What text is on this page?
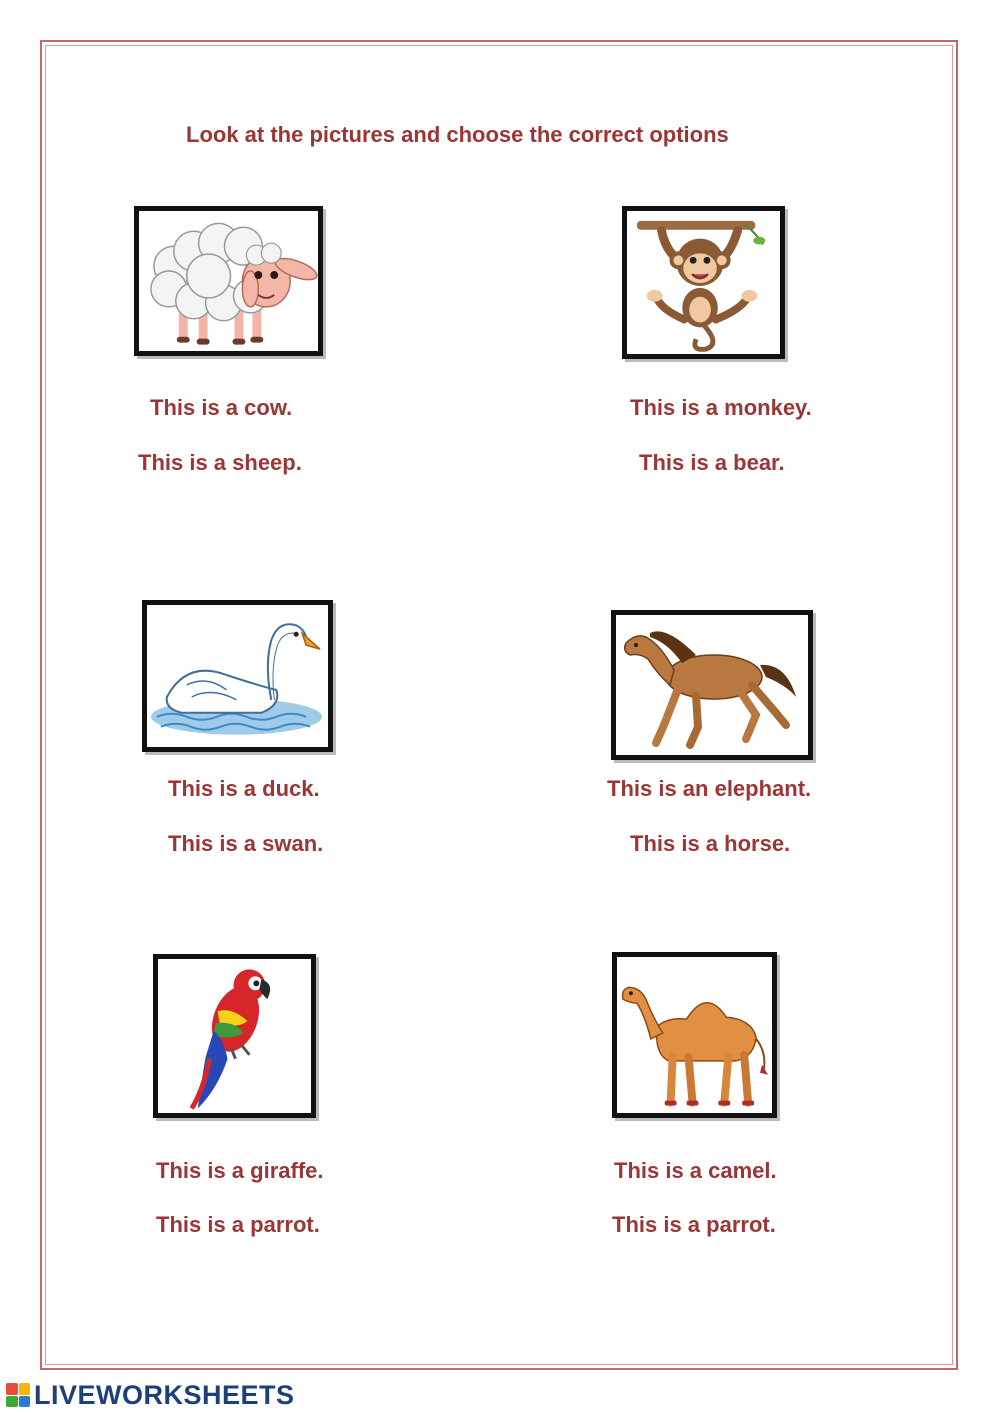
Look at the pictures and choose the correct options
This is a cow.
This is a sheep.
This is a monkey.
This is a bear.
This is a duck.
This is a swan.
This is an elephant.
This is a horse.
This is a giraffe.
This is a parrot.
This is a camel.
This is a parrot.
LIVEWORKSHEETS
